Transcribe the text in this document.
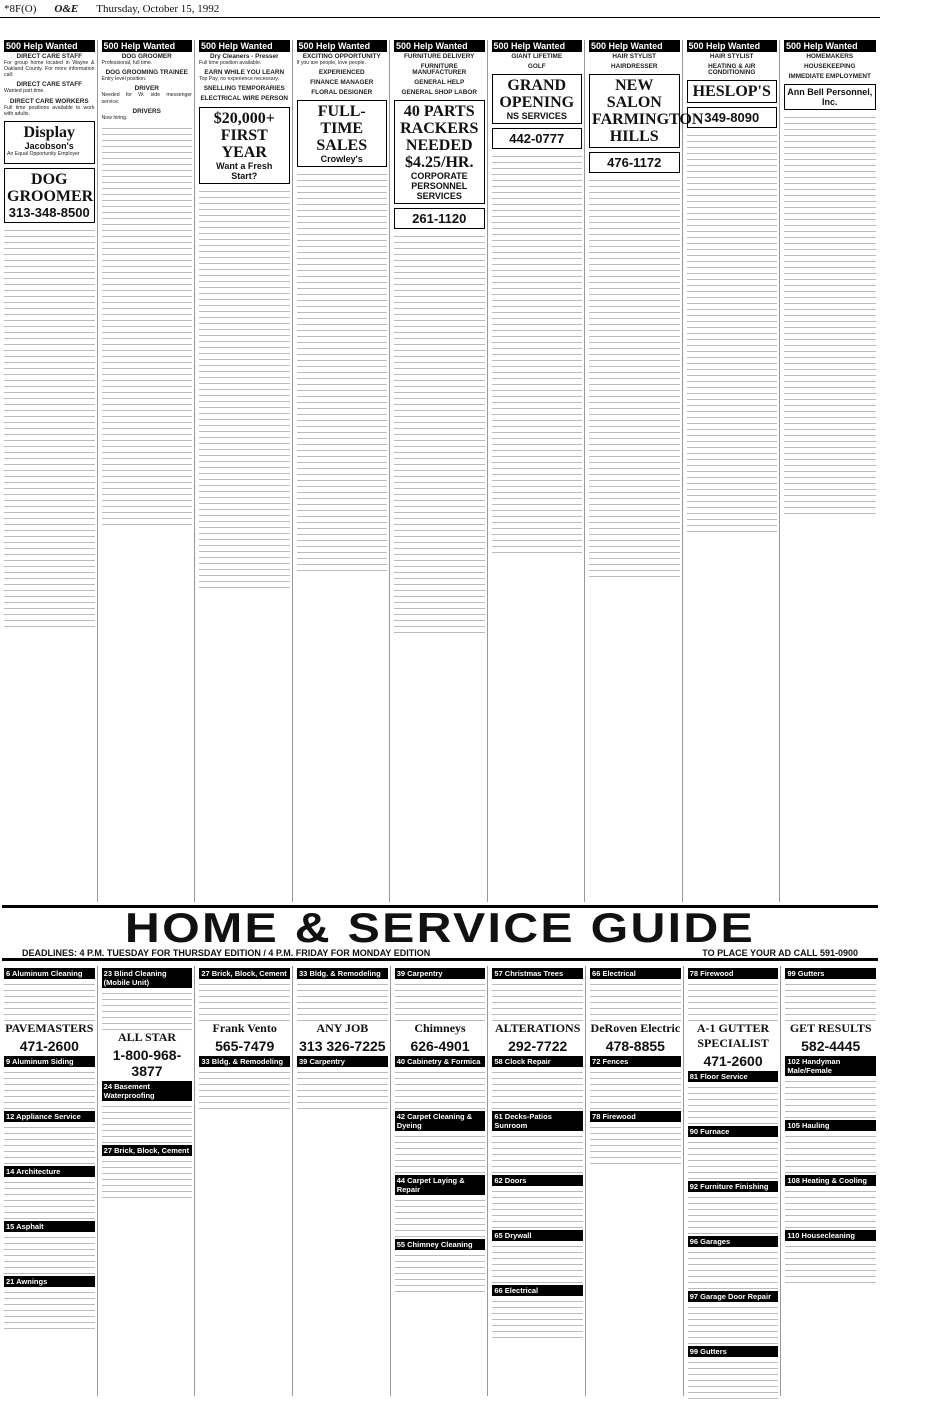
*8F(O) O&E Thursday, October 15, 1992
500 Help Wanted
DIRECT CARE STAFF
For group home located in Wayne & Oakland County. For more information call:
DIRECT CARE STAFF
Wanted part time.
DIRECT CARE WORKERS
Full time positions available to work with adults.
Display
Jacobson's
An Equal Opportunity Employer
DOG GROOMER
313-348-8500
500 Help Wanted
DOG GROOMER
Professional, full time.
DOG GROOMING TRAINEE
Entry level position.
DRIVER
Needed for W. side messenger service.
DRIVERS
Now hiring.
500 Help Wanted
Dry Cleaners - Presser
Full time position available.
EARN WHILE YOU LEARN
Top Pay, no experience necessary.
SNELLING TEMPORARIES
ELECTRICAL WIRE PERSON
$20,000+ FIRST YEAR
Want a Fresh Start?
500 Help Wanted
EXCITING OPPORTUNITY
If you are people, love people.
EXPERIENCED
FINANCE MANAGER
FLORAL DESIGNER
FULL-TIME SALES
Crowley's
500 Help Wanted
FURNITURE DELIVERY
FURNITURE MANUFACTURER
GENERAL HELP
GENERAL SHOP LABOR
40 PARTS RACKERS NEEDED $4.25/HR.
CORPORATE PERSONNEL SERVICES
261-1120
500 Help Wanted
GIANT LIFETIME
GOLF
GRAND OPENING
NS SERVICES
442-0777
500 Help Wanted
HAIR STYLIST
HAIRDRESSER
NEW SALON FARMINGTON HILLS
476-1172
500 Help Wanted
HAIR STYLIST
HEATING & AIR CONDITIONING
HESLOP'S
349-8090
500 Help Wanted
HOMEMAKERS
HOUSEKEEPING
IMMEDIATE EMPLOYMENT
Ann Bell Personnel, Inc.
HOME & SERVICE GUIDE
DEADLINES: 4 P.M. TUESDAY FOR THURSDAY EDITION / 4 P.M. FRIDAY FOR MONDAY EDITION	TO PLACE YOUR AD CALL 591-0900
6 Aluminum Cleaning
PAVEMASTERS
471-2600
9 Aluminum Siding
12 Appliance Service
14 Architecture
15 Asphalt
21 Awnings
23 Blind Cleaning (Mobile Unit)
ALL STAR
1-800-968-3877
24 Basement Waterproofing
27 Brick, Block, Cement
27 Brick, Block, Cement
Frank Vento
565-7479
33 Bldg. & Remodeling
33 Bldg. & Remodeling
ANY JOB
313 326-7225
39 Carpentry
39 Carpentry
Chimneys
626-4901
40 Cabinetry & Formica
42 Carpet Cleaning & Dyeing
44 Carpet Laying & Repair
55 Chimney Cleaning
57 Christmas Trees
ALTERATIONS
292-7722
58 Clock Repair
61 Decks-Patios Sunroom
62 Doors
65 Drywall
66 Electrical
66 Electrical
DeRoven Electric
478-8855
72 Fences
78 Firewood
78 Firewood
A-1 GUTTER SPECIALIST
471-2600
81 Floor Service
90 Furnace
92 Furniture Finishing
96 Garages
97 Garage Door Repair
99 Gutters
99 Gutters
GET RESULTS
582-4445
102 Handyman Male/Female
105 Hauling
108 Heating & Cooling
110 Housecleaning
